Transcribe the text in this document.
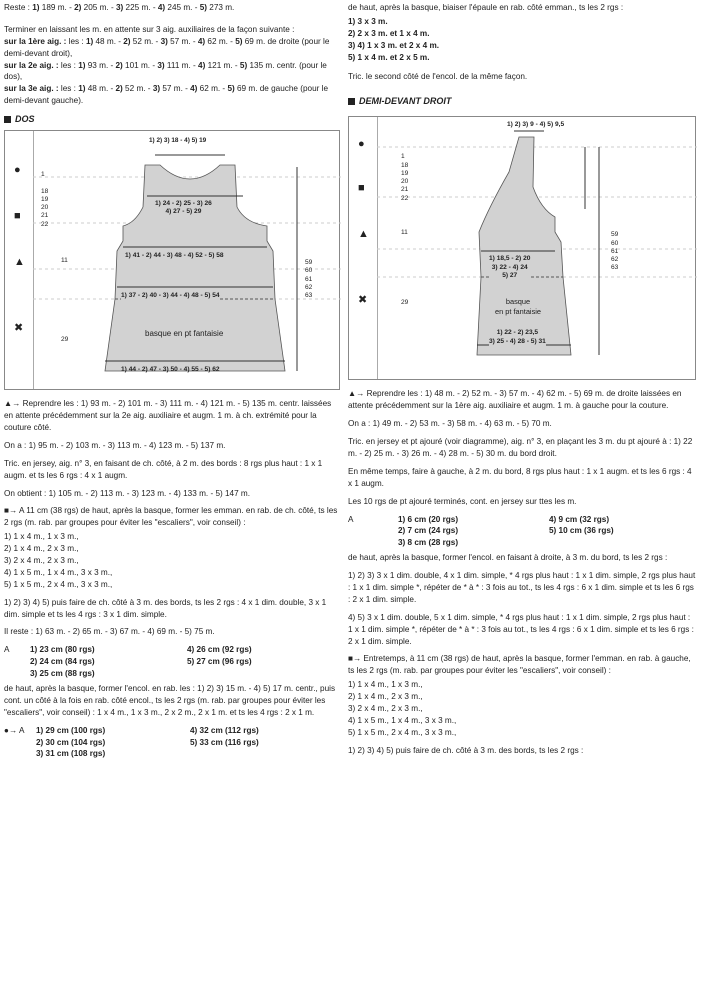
Reste : 1) 189 m. - 2) 205 m. - 3) 225 m. - 4) 245 m. - 5) 273 m.

Terminer en laissant les m. en attente sur 3 aig. auxiliaires de la façon suivante :
sur la 1ère aig. : les : 1) 48 m. - 2) 52 m. - 3) 57 m. - 4) 62 m. - 5) 69 m. de droite (pour le demi-devant droit),
sur la 2e aig. : les : 1) 93 m. - 2) 101 m. - 3) 111 m. - 4) 121 m. - 5) 135 m. centr. (pour le dos),
sur la 3e aig. : les : 1) 48 m. - 2) 52 m. - 3) 57 m. - 4) 62 m. - 5) 69 m. de gauche (pour le demi-devant gauche).

DOS
●
■
▲
✖
1) 2) 3) 18 - 4) 5) 19
1

18
19
20
21
22
11
29
59
60
61
62
63
1) 24 - 2) 25 - 3) 26
4) 27 - 5) 29
1) 41 - 2) 44 - 3) 48 - 4) 52 - 5) 58
1) 37 - 2) 40 - 3) 44 - 4) 48 - 5) 54
basque en pt fantaisie
1) 44 - 2) 47 - 3) 50 - 4) 55 - 5) 62

▲→ Reprendre les : 1) 93 m. - 2) 101 m. - 3) 111 m. - 4) 121 m. - 5) 135 m. centr. laissées en attente précédemment sur la 2e aig. auxiliaire et augm. 1 m. à ch. extrémité pour la couture côté.

On a : 1) 95 m. - 2) 103 m. - 3) 113 m. - 4) 123 m. - 5) 137 m.

Tric. en jersey, aig. n° 3, en faisant de ch. côté, à 2 m. des bords : 8 rgs plus haut : 1 x 1 augm. et ts les 6 rgs : 4 x 1 augm.

On obtient : 1) 105 m. - 2) 113 m. - 3) 123 m. - 4) 133 m. - 5) 147 m.

■→ A 11 cm (38 rgs) de haut, après la basque, former les emman. en rab. de ch. côté, ts les 2 rgs (m. rab. par groupes pour éviter les "escaliers", voir conseil) :

1) 1 x 4 m., 1 x 3 m.,
2) 1 x 4 m., 2 x 3 m.,
3) 2 x 4 m., 2 x 3 m.,
4) 1 x 5 m., 1 x 4 m., 3 x 3 m.,
5) 1 x 5 m., 2 x 4 m., 3 x 3 m.,

1) 2) 3) 4) 5) puis faire de ch. côté à 3 m. des bords, ts les 2 rgs : 4 x 1 dim. double, 3 x 1 dim. simple et ts les 4 rgs : 3 x 1 dim. simple.

Il reste : 1) 63 m. - 2) 65 m. - 3) 67 m. - 4) 69 m. - 5) 75 m.

A	1) 23 cm (80 rgs)	4) 26 cm (92 rgs)
2) 24 cm (84 rgs)	5) 27 cm (96 rgs)
3) 25 cm (88 rgs)

de haut, après la basque, former l'encol. en rab. les : 1) 2) 3) 15 m. - 4) 5) 17 m. centr., puis cont. un côté à la fois en rab. côté encol., ts les 2 rgs (m. rab. par groupes pour éviter les "escaliers", voir conseil) : 1 x 4 m., 1 x 3 m., 2 x 2 m., 2 x 1 m. et ts les 4 rgs : 2 x 1 m.

●→ A	1) 29 cm (100 rgs)	4) 32 cm (112 rgs)
2) 30 cm (104 rgs)	5) 33 cm (116 rgs)
3) 31 cm (108 rgs)

de haut, après la basque, biaiser l'épaule en rab. côté emman., ts les 2 rgs :

1) 3 x 3 m.
2) 2 x 3 m. et 1 x 4 m.
3) 4) 1 x 3 m. et 2 x 4 m.
5) 1 x 4 m. et 2 x 5 m.

Tric. le second côté de l'encol. de la même façon.

DEMI-DEVANT DROIT
●
■
▲
✖
1) 2) 3) 9 - 4) 5) 9,5
1
18
19
20
21
22
11
29
59
60
61
62
63
1) 18,5 - 2) 20
3) 22 - 4) 24
5) 27
basque
en pt fantaisie
1) 22 - 2) 23,5
3) 25 - 4) 28 - 5) 31

▲→ Reprendre les : 1) 48 m. - 2) 52 m. - 3) 57 m. - 4) 62 m. - 5) 69 m. de droite laissées en attente précédemment sur la 1ère aig. auxiliaire et augm. 1 m. à gauche pour la couture.

On a : 1) 49 m. - 2) 53 m. - 3) 58 m. - 4) 63 m. - 5) 70 m.

Tric. en jersey et pt ajouré (voir diagramme), aig. n° 3, en plaçant les 3 m. du pt ajouré à : 1) 22 m. - 2) 25 m. - 3) 26 m. - 4) 28 m. - 5) 30 m. du bord droit.

En même temps, faire à gauche, à 2 m. du bord, 8 rgs plus haut : 1 x 1 augm. et ts les 6 rgs : 4 x 1 augm.

Les 10 rgs de pt ajouré terminés, cont. en jersey sur ttes les m.

A	1) 6 cm (20 rgs)	4) 9 cm (32 rgs)
2) 7 cm (24 rgs)	5) 10 cm (36 rgs)
3) 8 cm (28 rgs)

de haut, après la basque, former l'encol. en faisant à droite, à 3 m. du bord, ts les 2 rgs :

1) 2) 3) 3 x 1 dim. double, 4 x 1 dim. simple, * 4 rgs plus haut : 1 x 1 dim. simple, 2 rgs plus haut : 1 x 1 dim. simple *, répéter de * à * : 3 fois au tot., ts les 4 rgs : 6 x 1 dim. simple et ts les 6 rgs : 2 x 1 dim. simple.

4) 5) 3 x 1 dim. double, 5 x 1 dim. simple, * 4 rgs plus haut : 1 x 1 dim. simple, 2 rgs plus haut : 1 x 1 dim. simple *, répéter de * à * : 3 fois au tot., ts les 4 rgs : 6 x 1 dim. simple et ts les 6 rgs : 2 x 1 dim. simple.

■→ Entretemps, à 11 cm (38 rgs) de haut, après la basque, former l'emman. en rab. à gauche, ts les 2 rgs (m. rab. par groupes pour éviter les "escaliers", voir conseil) :

1) 1 x 4 m., 1 x 3 m.,
2) 1 x 4 m., 2 x 3 m.,
3) 2 x 4 m., 2 x 3 m.,
4) 1 x 5 m., 1 x 4 m., 3 x 3 m.,
5) 1 x 5 m., 2 x 4 m., 3 x 3 m.,

1) 2) 3) 4) 5) puis faire de ch. côté à 3 m. des bords, ts les 2 rgs :
